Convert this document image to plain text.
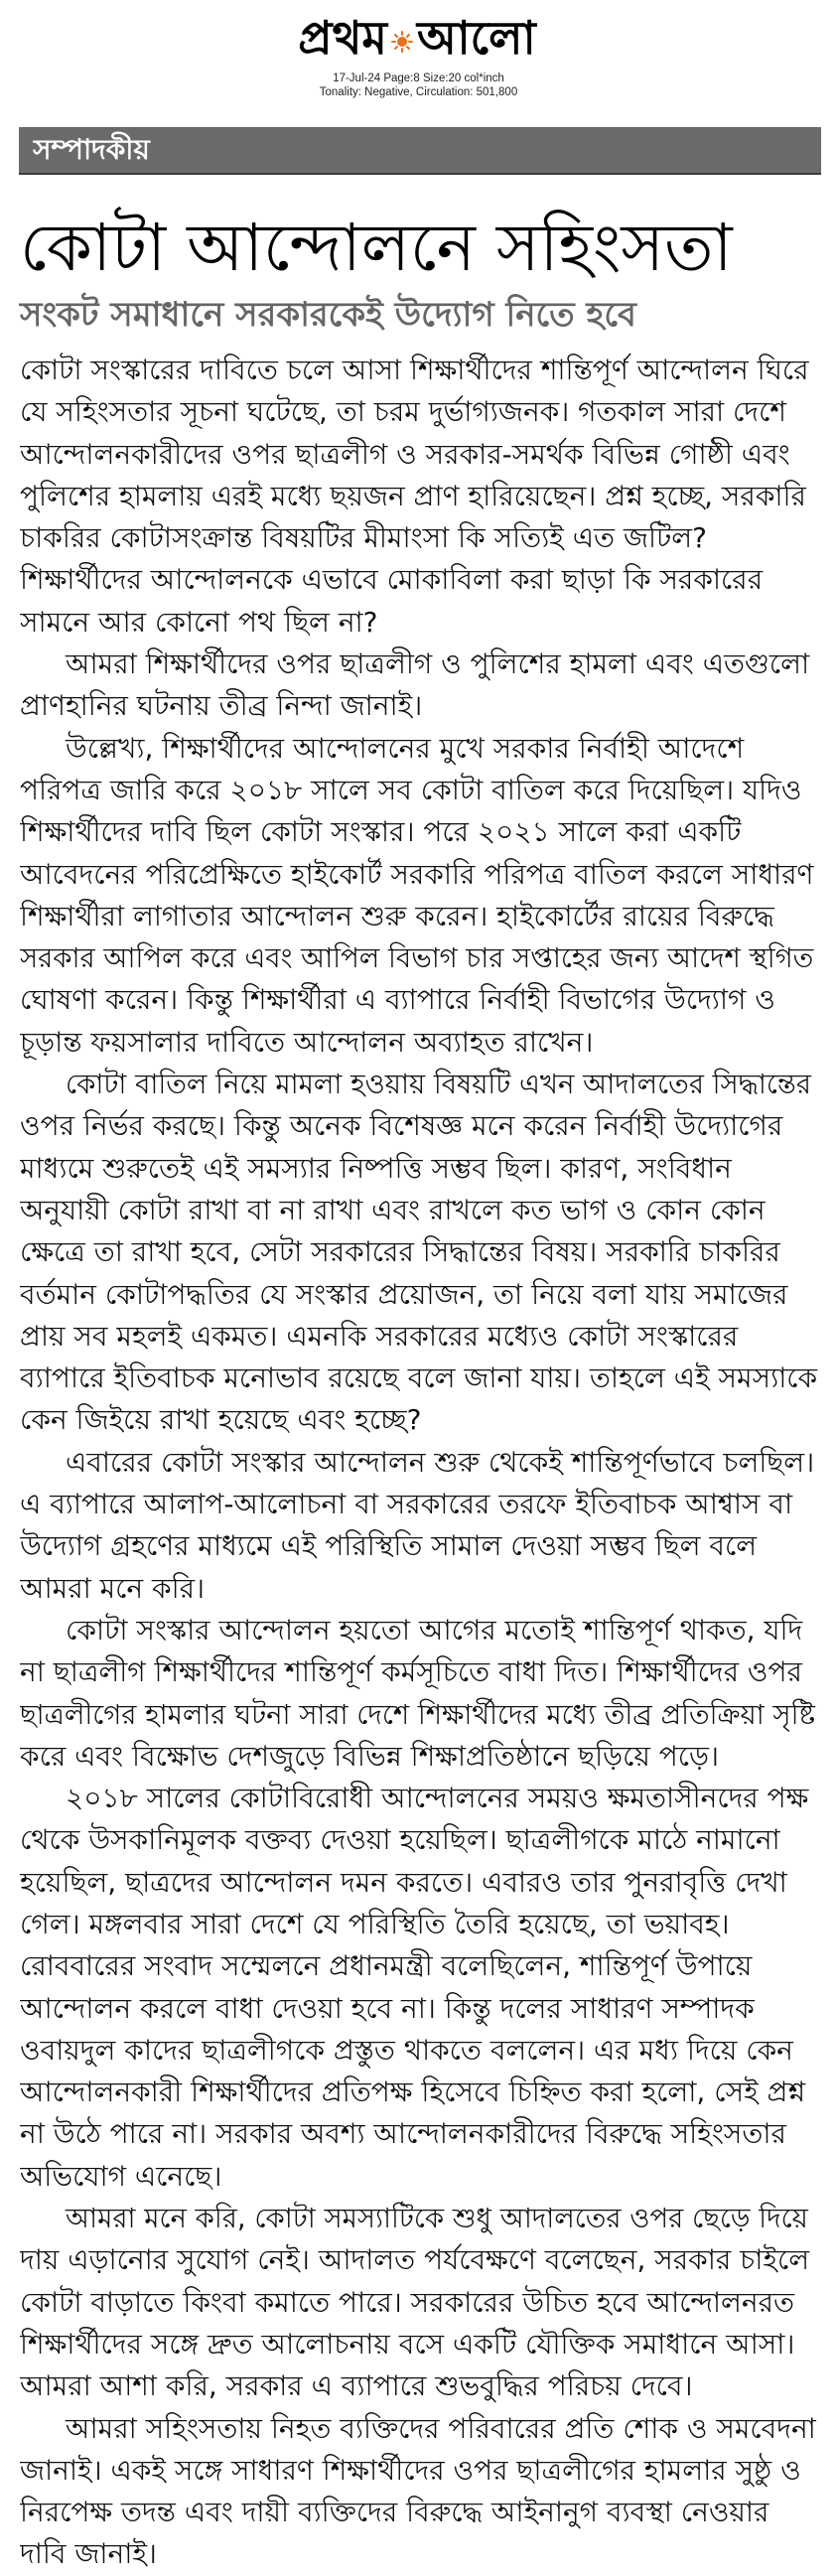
প্রথম আলো
17-Jul-24 Page:8 Size:20 col*inch
Tonality: Negative, Circulation: 501,800
সম্পাদকীয়
কোটা আন্দোলনে সহিংসতা
সংকট সমাধানে সরকারকেই উদ্যোগ নিতে হবে
কোটা সংস্কারের দাবিতে চলে আসা শিক্ষার্থীদের শান্তিপূর্ণ আন্দোলন ঘিরে
যে সহিংসতার সূচনা ঘটেছে, তা চরম দুর্ভাগ্যজনক। গতকাল সারা দেশে
আন্দোলনকারীদের ওপর ছাত্রলীগ ও সরকার-সমর্থক বিভিন্ন গোষ্ঠী এবং
পুলিশের হামলায় এরই মধ্যে ছয়জন প্রাণ হারিয়েছেন। প্রশ্ন হচ্ছে, সরকারি
চাকরির কোটাসংক্রান্ত বিষয়টির মীমাংসা কি সত্যিই এত জটিল?
শিক্ষার্থীদের আন্দোলনকে এভাবে মোকাবিলা করা ছাড়া কি সরকারের
সামনে আর কোনো পথ ছিল না?
আমরা শিক্ষার্থীদের ওপর ছাত্রলীগ ও পুলিশের হামলা এবং এতগুলো
প্রাণহানির ঘটনায় তীব্র নিন্দা জানাই।
উল্লেখ্য, শিক্ষার্থীদের আন্দোলনের মুখে সরকার নির্বাহী আদেশে
পরিপত্র জারি করে ২০১৮ সালে সব কোটা বাতিল করে দিয়েছিল। যদিও
শিক্ষার্থীদের দাবি ছিল কোটা সংস্কার। পরে ২০২১ সালে করা একটি
আবেদনের পরিপ্রেক্ষিতে হাইকোর্ট সরকারি পরিপত্র বাতিল করলে সাধারণ
শিক্ষার্থীরা লাগাতার আন্দোলন শুরু করেন। হাইকোর্টের রায়ের বিরুদ্ধে
সরকার আপিল করে এবং আপিল বিভাগ চার সপ্তাহের জন্য আদেশ স্থগিত
ঘোষণা করেন। কিন্তু শিক্ষার্থীরা এ ব্যাপারে নির্বাহী বিভাগের উদ্যোগ ও
চূড়ান্ত ফয়সালার দাবিতে আন্দোলন অব্যাহত রাখেন।
কোটা বাতিল নিয়ে মামলা হওয়ায় বিষয়টি এখন আদালতের সিদ্ধান্তের
ওপর নির্ভর করছে। কিন্তু অনেক বিশেষজ্ঞ মনে করেন নির্বাহী উদ্যোগের
মাধ্যমে শুরুতেই এই সমস্যার নিষ্পত্তি সম্ভব ছিল। কারণ, সংবিধান
অনুযায়ী কোটা রাখা বা না রাখা এবং রাখলে কত ভাগ ও কোন কোন
ক্ষেত্রে তা রাখা হবে, সেটা সরকারের সিদ্ধান্তের বিষয়। সরকারি চাকরির
বর্তমান কোটাপদ্ধতির যে সংস্কার প্রয়োজন, তা নিয়ে বলা যায় সমাজের
প্রায় সব মহলই একমত। এমনকি সরকারের মধ্যেও কোটা সংস্কারের
ব্যাপারে ইতিবাচক মনোভাব রয়েছে বলে জানা যায়। তাহলে এই সমস্যাকে
কেন জিইয়ে রাখা হয়েছে এবং হচ্ছে?
এবারের কোটা সংস্কার আন্দোলন শুরু থেকেই শান্তিপূর্ণভাবে চলছিল।
এ ব্যাপারে আলাপ-আলোচনা বা সরকারের তরফে ইতিবাচক আশ্বাস বা
উদ্যোগ গ্রহণের মাধ্যমে এই পরিস্থিতি সামাল দেওয়া সম্ভব ছিল বলে
আমরা মনে করি।
কোটা সংস্কার আন্দোলন হয়তো আগের মতোই শান্তিপূর্ণ থাকত, যদি
না ছাত্রলীগ শিক্ষার্থীদের শান্তিপূর্ণ কর্মসূচিতে বাধা দিত। শিক্ষার্থীদের ওপর
ছাত্রলীগের হামলার ঘটনা সারা দেশে শিক্ষার্থীদের মধ্যে তীব্র প্রতিক্রিয়া সৃষ্টি
করে এবং বিক্ষোভ দেশজুড়ে বিভিন্ন শিক্ষাপ্রতিষ্ঠানে ছড়িয়ে পড়ে।
২০১৮ সালের কোটাবিরোধী আন্দোলনের সময়ও ক্ষমতাসীনদের পক্ষ
থেকে উসকানিমূলক বক্তব্য দেওয়া হয়েছিল। ছাত্রলীগকে মাঠে নামানো
হয়েছিল, ছাত্রদের আন্দোলন দমন করতে। এবারও তার পুনরাবৃত্তি দেখা
গেল। মঙ্গলবার সারা দেশে যে পরিস্থিতি তৈরি হয়েছে, তা ভয়াবহ।
রোববারের সংবাদ সম্মেলনে প্রধানমন্ত্রী বলেছিলেন, শান্তিপূর্ণ উপায়ে
আন্দোলন করলে বাধা দেওয়া হবে না। কিন্তু দলের সাধারণ সম্পাদক
ওবায়দুল কাদের ছাত্রলীগকে প্রস্তুত থাকতে বললেন। এর মধ্য দিয়ে কেন
আন্দোলনকারী শিক্ষার্থীদের প্রতিপক্ষ হিসেবে চিহ্নিত করা হলো, সেই প্রশ্ন
না উঠে পারে না। সরকার অবশ্য আন্দোলনকারীদের বিরুদ্ধে সহিংসতার
অভিযোগ এনেছে।
আমরা মনে করি, কোটা সমস্যাটিকে শুধু আদালতের ওপর ছেড়ে দিয়ে
দায় এড়ানোর সুযোগ নেই। আদালত পর্যবেক্ষণে বলেছেন, সরকার চাইলে
কোটা বাড়াতে কিংবা কমাতে পারে। সরকারের উচিত হবে আন্দোলনরত
শিক্ষার্থীদের সঙ্গে দ্রুত আলোচনায় বসে একটি যৌক্তিক সমাধানে আসা।
আমরা আশা করি, সরকার এ ব্যাপারে শুভবুদ্ধির পরিচয় দেবে।
আমরা সহিংসতায় নিহত ব্যক্তিদের পরিবারের প্রতি শোক ও সমবেদনা
জানাই। একই সঙ্গে সাধারণ শিক্ষার্থীদের ওপর ছাত্রলীগের হামলার সুষ্ঠু ও
নিরপেক্ষ তদন্ত এবং দায়ী ব্যক্তিদের বিরুদ্ধে আইনানুগ ব্যবস্থা নেওয়ার
দাবি জানাই।
